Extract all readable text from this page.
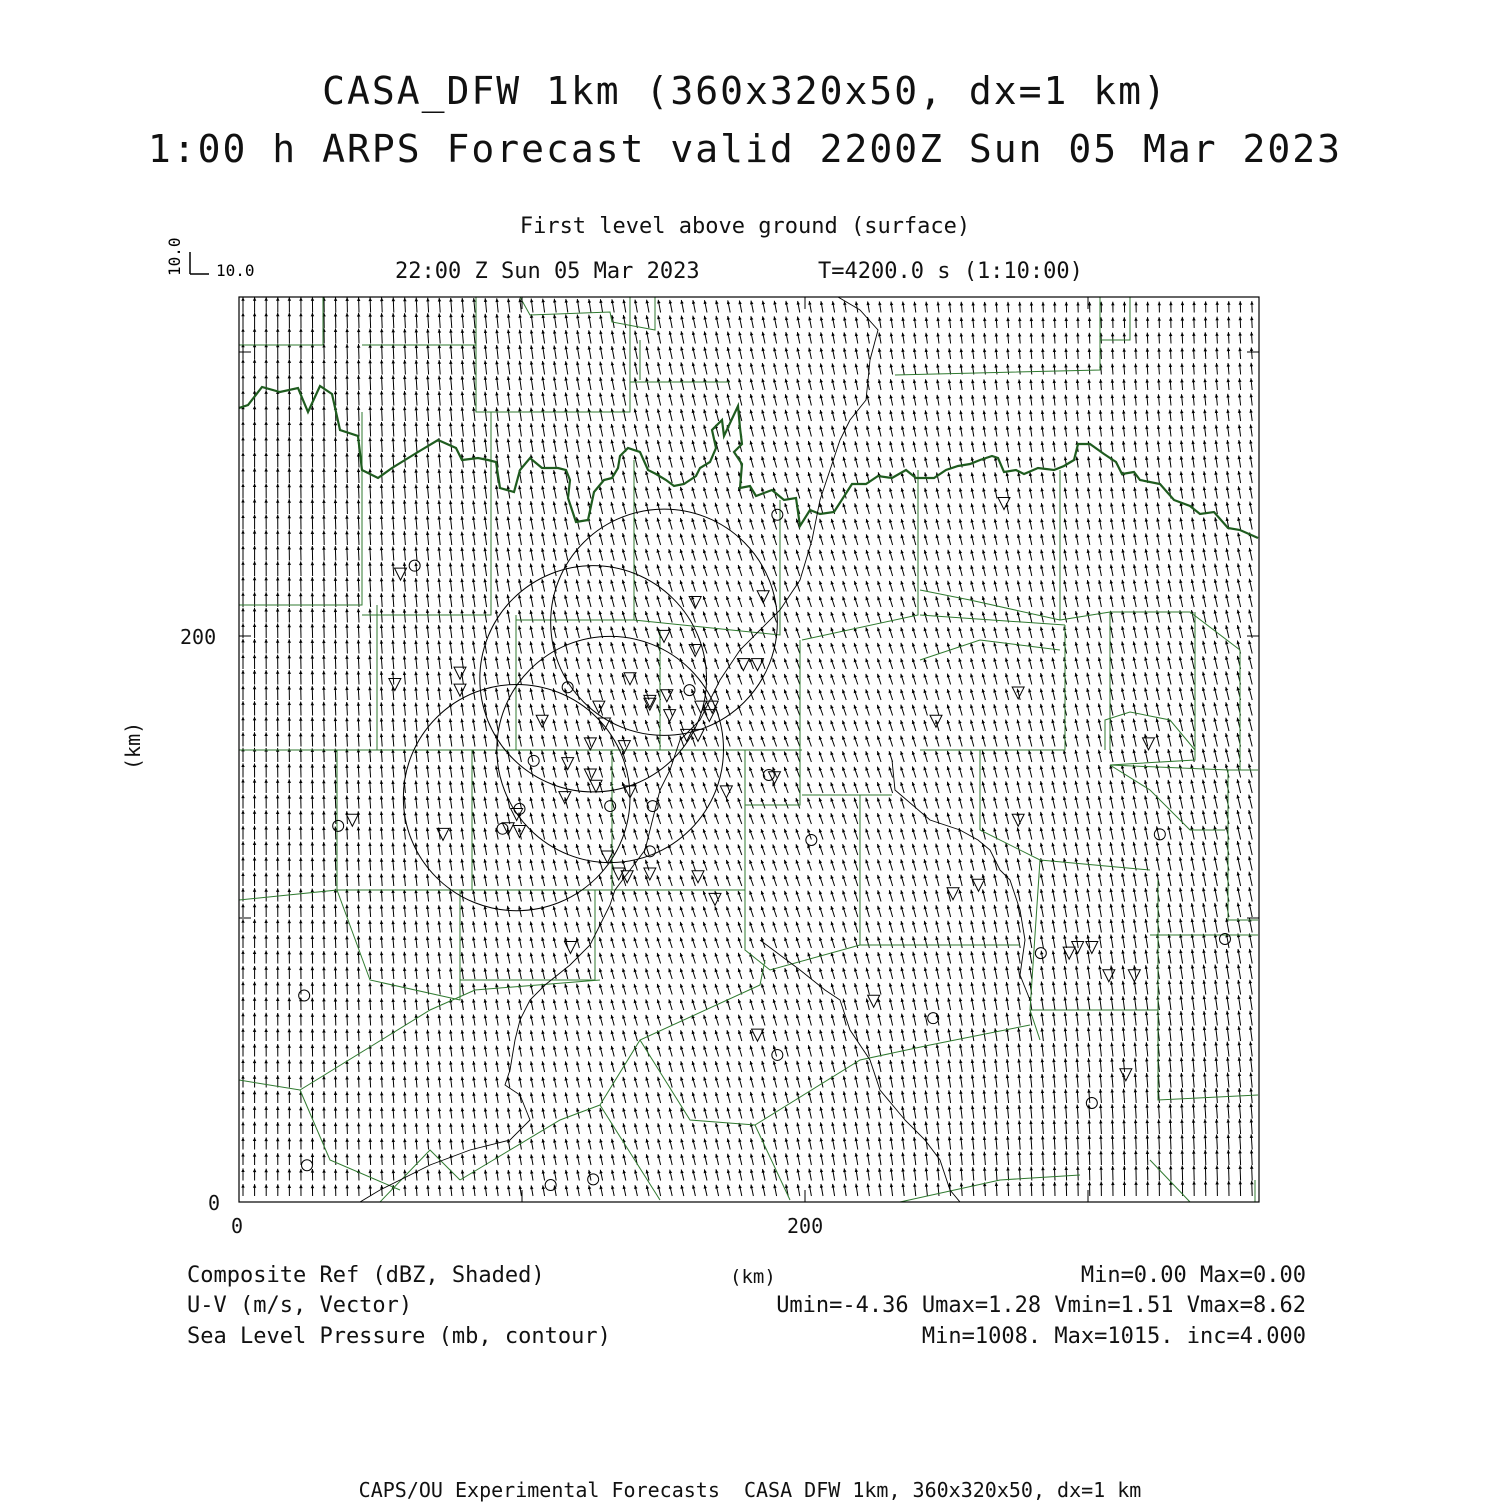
CASA_DFW 1km (360x320x50, dx=1 km)
1:00 h ARPS Forecast valid 2200Z Sun 05 Mar 2023
First level above ground (surface)
22:00 Z Sun 05 Mar 2023	T=4200.0 s (1:10:00)
10.0
10.0
0
200
0	200
(km)
Composite Ref (dBZ, Shaded)	(km)	Min=0.00 Max=0.00
U-V (m/s, Vector)	Umin=-4.36 Umax=1.28 Vmin=1.51 Vmax=8.62
Sea Level Pressure (mb, contour)	Min=1008. Max=1015. inc=4.000
CAPS/OU Experimental Forecasts  CASA DFW 1km, 360x320x50, dx=1 km
